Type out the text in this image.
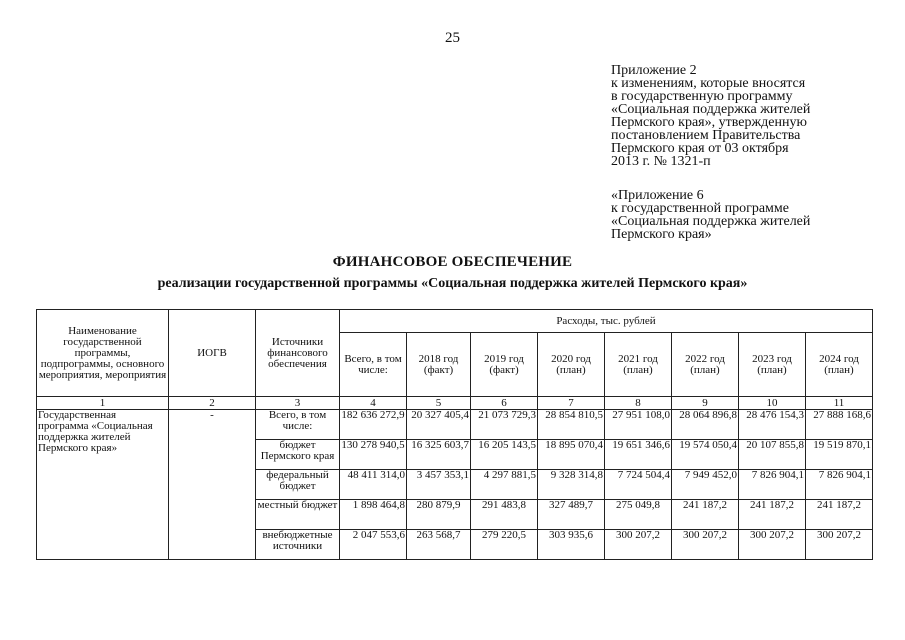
25
Приложение 2
к изменениям, которые вносятся
в государственную программу
«Социальная поддержка жителей
Пермского края», утвержденную
постановлением Правительства
Пермского края от 03 октября
2013 г. № 1321-п
«Приложение 6
к государственной программе
«Социальная поддержка жителей
Пермского края»
ФИНАНСОВОЕ ОБЕСПЕЧЕНИЕ
реализации государственной программы «Социальная поддержка жителей Пермского края»
Наименование государственной программы, подпрограммы, основного мероприятия, мероприятия	ИОГВ	Источники финансового обеспечения	Расходы, тыс. рублей							
			Всего, в том числе:	2018 год (факт)	2019 год (факт)	2020 год (план)	2021 год (план)	2022 год (план)	2023 год (план)	2024 год (план)
1	2	3	4	5	6	7	8	9	10	11
Государственная программа «Социальная поддержка жителей Пермского края»	-	Всего, в том числе:	182 636 272,9	20 327 405,4	21 073 729,3	28 854 810,5	27 951 108,0	28 064 896,8	28 476 154,3	27 888 168,6
		бюджет Пермского края	130 278 940,5	16 325 603,7	16 205 143,5	18 895 070,4	19 651 346,6	19 574 050,4	20 107 855,8	19 519 870,1
		федеральный бюджет	48 411 314,0	3 457 353,1	4 297 881,5	9 328 314,8	7 724 504,4	7 949 452,0	7 826 904,1	7 826 904,1
		местный бюджет	1 898 464,8	280 879,9	291 483,8	327 489,7	275 049,8	241 187,2	241 187,2	241 187,2
		внебюджетные источники	2 047 553,6	263 568,7	279 220,5	303 935,6	300 207,2	300 207,2	300 207,2	300 207,2
